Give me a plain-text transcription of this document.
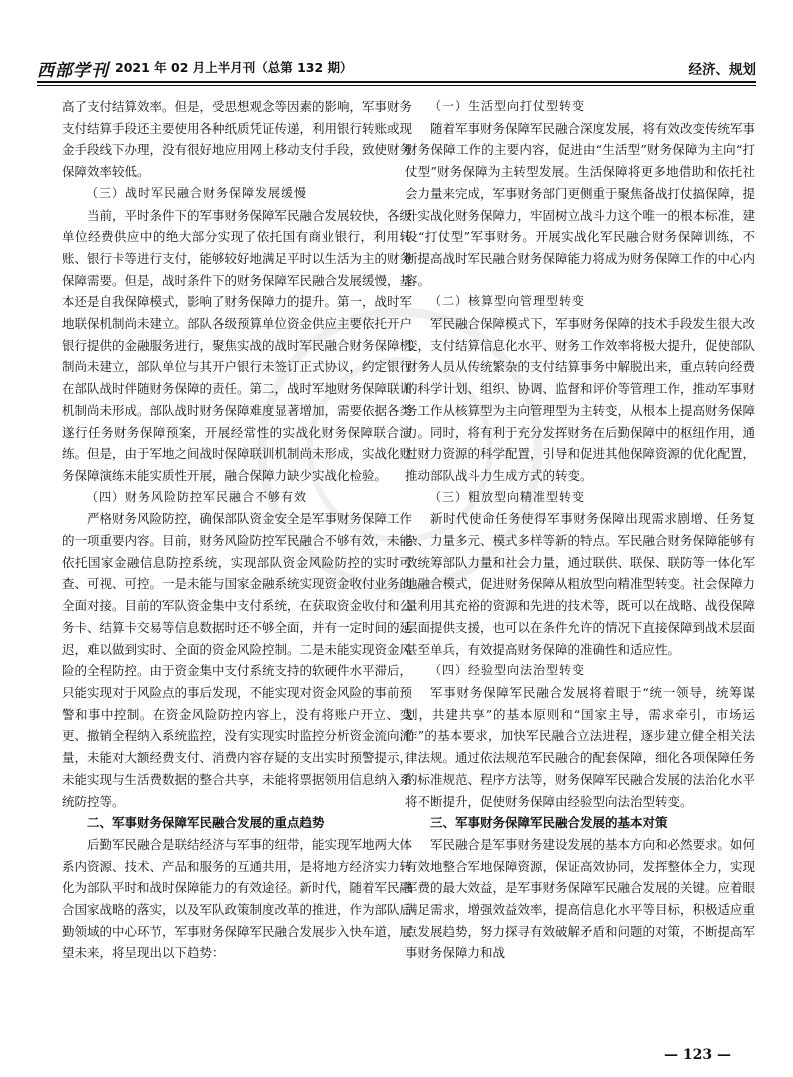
西部学刊 2021 年 02 月上半月刊（总第 132 期）	经济、规划

高了支付结算效率。但是，受思想观念等因素的影响，军事财务支付结算手段还主要使用各种纸质凭证传递，利用银行转账或现金手段线下办理，没有很好地应用网上移动支付手段，致使财务保障效率较低。

（三）战时军民融合财务保障发展缓慢

当前，平时条件下的军事财务保障军民融合发展较快，各级单位经费供应中的绝大部分实现了依托国有商业银行，利用转账、银行卡等进行支付，能够较好地满足平时以生活为主的财务保障需要。但是，战时条件下的财务保障军民融合发展缓慢，基本还是自我保障模式，影响了财务保障力的提升。第一，战时军地联保机制尚未建立。部队各级预算单位资金供应主要依托开户银行提供的金融服务进行，聚焦实战的战时军民融合财务保障机制尚未建立，部队单位与其开户银行未签订正式协议，约定银行在部队战时伴随财务保障的责任。第二，战时军地财务保障联训机制尚未形成。部队战时财务保障难度显著增加，需要依据各类遂行任务财务保障预案，开展经常性的实战化财务保障联合演练。但是，由于军地之间战时保障联训机制尚未形成，实战化财务保障演练未能实质性开展，融合保障力缺少实战化检验。

（四）财务风险防控军民融合不够有效

严格财务风险防控，确保部队资金安全是军事财务保障工作的一项重要内容。目前，财务风险防控军民融合不够有效，未能依托国家金融信息防控系统，实现部队资金风险防控的实时可查、可视、可控。一是未能与国家金融系统实现资金收付业务的全面对接。目前的军队资金集中支付系统，在获取资金收付和公务卡、结算卡交易等信息数据时还不够全面，并有一定时间的延迟，难以做到实时、全面的资金风险控制。二是未能实现资金风险的全程防控。由于资金集中支付系统支持的软硬件水平滞后，只能实现对于风险点的事后发现，不能实现对资金风险的事前预警和事中控制。在资金风险防控内容上，没有将账户开立、变更、撤销全程纳入系统监控，没有实现实时监控分析资金流向流量，未能对大额经费支付、消费内容存疑的支出实时预警提示，未能实现与生活费数据的整合共享，未能将票据领用信息纳入系统防控等。

二、军事财务保障军民融合发展的重点趋势

后勤军民融合是联结经济与军事的纽带，能实现军地两大体系内资源、技术、产品和服务的互通共用，是将地方经济实力转化为部队平时和战时保障能力的有效途径。新时代，随着军民融合国家战略的落实，以及军队政策制度改革的推进，作为部队后勤领域的中心环节，军事财务保障军民融合发展步入快车道，展望未来，将呈现出以下趋势：

（一）生活型向打仗型转变

随着军事财务保障军民融合深度发展，将有效改变传统军事财务保障工作的主要内容，促进由“生活型”财务保障为主向“打仗型”财务保障为主转型发展。生活保障将更多地借助和依托社会力量来完成，军事财务部门更侧重于聚焦备战打仗搞保障，提升实战化财务保障力，牢固树立战斗力这个唯一的根本标准，建设“打仗型”军事财务。开展实战化军民融合财务保障训练，不断提高战时军民融合财务保障能力将成为财务保障工作的中心内容。

（二）核算型向管理型转变

军民融合保障模式下，军事财务保障的技术手段发生很大改变，支付结算信息化水平、财务工作效率将极大提升，促使部队财务人员从传统繁杂的支付结算事务中解脱出来，重点转向经费的科学计划、组织、协调、监督和评价等管理工作，推动军事财务工作从核算型为主向管理型为主转变，从根本上提高财务保障力。同时，将有利于充分发挥财务在后勤保障中的枢纽作用，通过财力资源的科学配置，引导和促进其他保障资源的优化配置，推动部队战斗力生成方式的转变。

（三）粗放型向精准型转变

新时代使命任务使得军事财务保障出现需求剧增、任务复杂、力量多元、模式多样等新的特点。军民融合财务保障能够有效统筹部队力量和社会力量，通过联供、联保、联防等一体化军地融合模式，促进财务保障从粗放型向精准型转变。社会保障力量利用其充裕的资源和先进的技术等，既可以在战略、战役保障层面提供支援，也可以在条件允许的情况下直接保障到战术层面甚至单兵，有效提高财务保障的准确性和适应性。

（四）经验型向法治型转变

军事财务保障军民融合发展将着眼于“统一领导，统筹谋划，共建共享”的基本原则和“国家主导，需求牵引，市场运作”的基本要求，加快军民融合立法进程，逐步建立健全相关法律法规。通过依法规范军民融合的配套保障，细化各项保障任务的标准规范、程序方法等，财务保障军民融合发展的法治化水平将不断提升，促使财务保障由经验型向法治型转变。

三、军事财务保障军民融合发展的基本对策

军民融合是军事财务建设发展的基本方向和必然要求。如何有效地整合军地保障资源，保证高效协同，发挥整体全力，实现军费的最大效益，是军事财务保障军民融合发展的关键。应着眼满足需求，增强效益效率，提高信息化水平等目标，积极适应重点发展趋势，努力探寻有效破解矛盾和问题的对策，不断提高军事财务保障力和战

— 123 —
